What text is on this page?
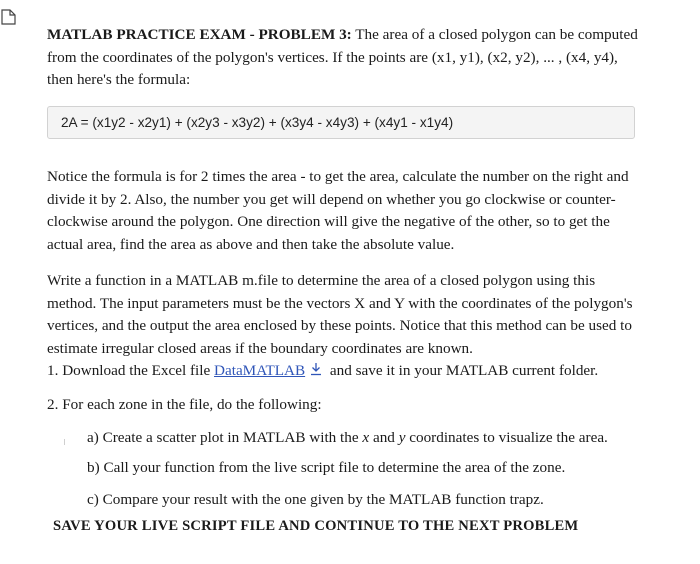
MATLAB PRACTICE EXAM - PROBLEM 3: The area of a closed polygon can be computed from the coordinates of the polygon's vertices. If the points are (x1, y1), (x2, y2), ... , (x4, y4), then here's the formula:

2A = (x1y2 - x2y1) + (x2y3 - x3y2) + (x3y4 - x4y3) + (x4y1 - x1y4)

Notice the formula is for 2 times the area - to get the area, calculate the number on the right and divide it by 2. Also, the number you get will depend on whether you go clockwise or counter-clockwise around the polygon. One direction will give the negative of the other, so to get the actual area, find the area as above and then take the absolute value.

Write a function in a MATLAB m.file to determine the area of a closed polygon using this method. The input parameters must be the vectors X and Y with the coordinates of the polygon's vertices, and the output the area enclosed by these points. Notice that this method can be used to estimate irregular closed areas if the boundary coordinates are known.

1. Download the Excel file DataMATLAB and save it in your MATLAB current folder.
2. For each zone in the file, do the following:
a) Create a scatter plot in MATLAB with the x and y coordinates to visualize the area.
b) Call your function from the live script file to determine the area of the zone.
c) Compare your result with the one given by the MATLAB function trapz.
SAVE YOUR LIVE SCRIPT FILE AND CONTINUE TO THE NEXT PROBLEM
